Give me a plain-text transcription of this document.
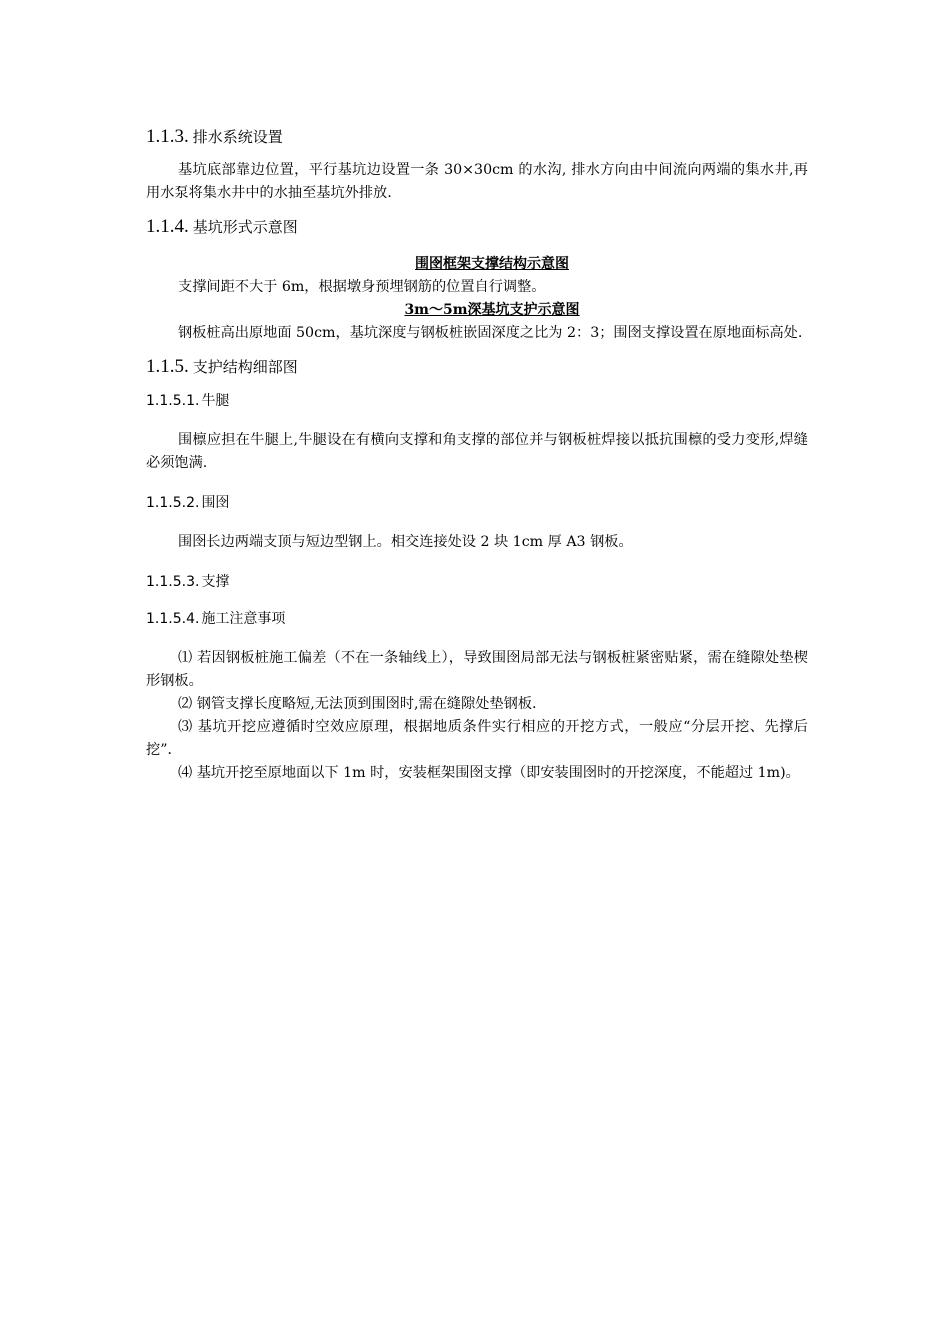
1.1.3. 排水系统设置

基坑底部靠边位置，平行基坑边设置一条 30×30cm 的水沟, 排水方向由中间流向两端的集水井,再用水泵将集水井中的水抽至基坑外排放.

1.1.4. 基坑形式示意图

围囹框架支撑结构示意图

支撑间距不大于 6m，根据墩身预埋钢筋的位置自行调整。

3m～5m深基坑支护示意图

钢板桩高出原地面 50cm，基坑深度与钢板桩嵌固深度之比为 2：3；围囹支撑设置在原地面标高处.

1.1.5. 支护结构细部图
1.1.5.1. 牛腿

围檩应担在牛腿上,牛腿设在有横向支撑和角支撑的部位并与钢板桩焊接以抵抗围檩的受力变形,焊缝必须饱满.

1.1.5.2. 围囹

围囹长边两端支顶与短边型钢上。相交连接处设 2 块 1cm 厚 A3 钢板。

1.1.5.3. 支撑
1.1.5.4. 施工注意事项

⑴ 若因钢板桩施工偏差（不在一条轴线上），导致围囹局部无法与钢板桩紧密贴紧，需在缝隙处垫楔形钢板。

⑵ 钢管支撑长度略短,无法顶到围囹时,需在缝隙处垫钢板.

⑶ 基坑开挖应遵循时空效应原理，根据地质条件实行相应的开挖方式，一般应“分层开挖、先撑后挖”．

⑷ 基坑开挖至原地面以下 1m 时，安装框架围囹支撑（即安装围囹时的开挖深度，不能超过 1m)。
